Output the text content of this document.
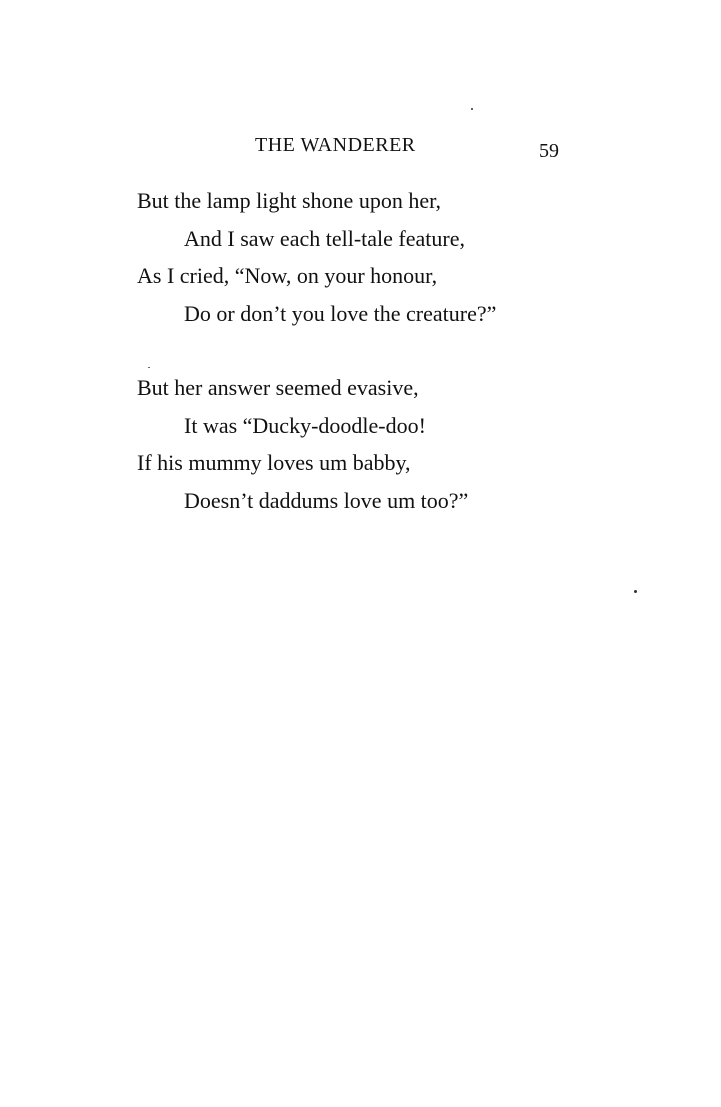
THE WANDERER	59
But the lamp light shone upon her,
And I saw each tell-tale feature,
As I cried, “Now, on your honour,
Do or don’t you love the creature?”
But her answer seemed evasive,
It was “Ducky-doodle-doo!
If his mummy loves um babby,
Doesn’t daddums love um too?”
